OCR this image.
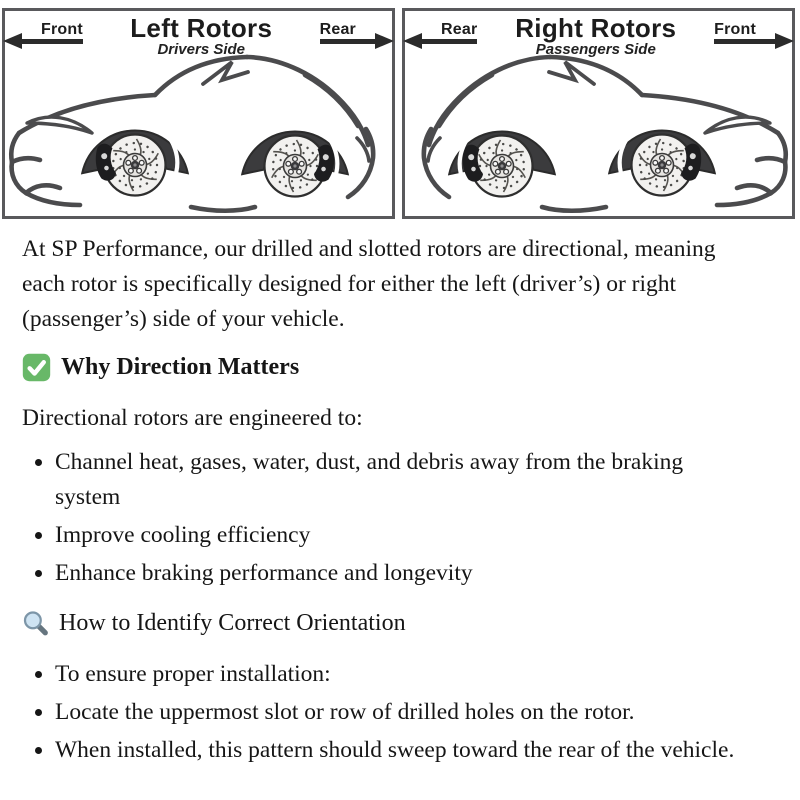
Rotation
Rotation
Front	Left Rotors
Drivers Side
Rear
Rotation
Rotation
Rear	Right Rotors
Passengers Side
Front

At SP Performance, our drilled and slotted rotors are directional, meaning each rotor is specifically designed for either the left (driver’s) or right (passenger’s) side of your vehicle.

Why Direction Matters

Directional rotors are engineered to:

• Channel heat, gases, water, dust, and debris away from the braking system
• Improve cooling efficiency
• Enhance braking performance and longevity
How to Identify Correct Orientation
• To ensure proper installation:
• Locate the uppermost slot or row of drilled holes on the rotor.
• When installed, this pattern should sweep toward the rear of the vehicle.
